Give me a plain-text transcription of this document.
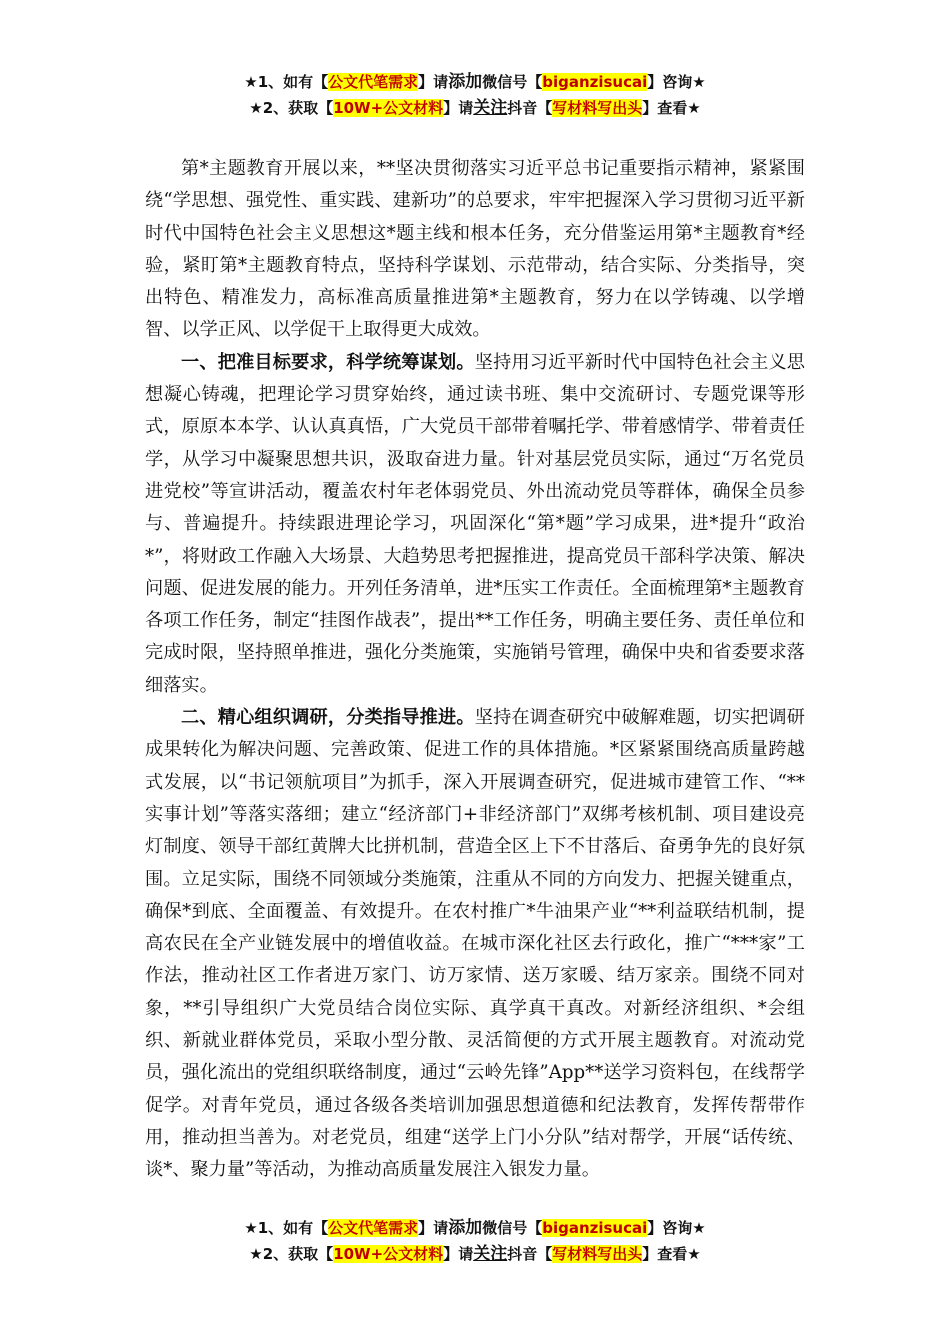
★1、如有【公文代笔需求】请添加微信号【biganzisucai】咨询★
★2、获取【10W+公文材料】请关注抖音【写材料写出头】查看★

第*主题教育开展以来，**坚决贯彻落实习近平总书记重要指示精神，紧紧围绕“学思想、强党性、重实践、建新功”的总要求，牢牢把握深入学习贯彻习近平新时代中国特色社会主义思想这*题主线和根本任务，充分借鉴运用第*主题教育*经验，紧盯第*主题教育特点，坚持科学谋划、示范带动，结合实际、分类指导，突出特色、精准发力，高标准高质量推进第*主题教育，努力在以学铸魂、以学增智、以学正风、以学促干上取得更大成效。

一、把准目标要求，科学统筹谋划。坚持用习近平新时代中国特色社会主义思想凝心铸魂，把理论学习贯穿始终，通过读书班、集中交流研讨、专题党课等形式，原原本本学、认认真真悟，广大党员干部带着嘱托学、带着感情学、带着责任学，从学习中凝聚思想共识，汲取奋进力量。针对基层党员实际，通过“万名党员进党校”等宣讲活动，覆盖农村年老体弱党员、外出流动党员等群体，确保全员参与、普遍提升。持续跟进理论学习，巩固深化“第*题”学习成果，进*提升“政治*”，将财政工作融入大场景、大趋势思考把握推进，提高党员干部科学决策、解决问题、促进发展的能力。开列任务清单，进*压实工作责任。全面梳理第*主题教育各项工作任务，制定“挂图作战表”，提出**工作任务，明确主要任务、责任单位和完成时限，坚持照单推进，强化分类施策，实施销号管理，确保中央和省委要求落细落实。

二、精心组织调研，分类指导推进。坚持在调查研究中破解难题，切实把调研成果转化为解决问题、完善政策、促进工作的具体措施。*区紧紧围绕高质量跨越式发展，以“书记领航项目”为抓手，深入开展调查研究，促进城市建管工作、“**实事计划”等落实落细；建立“经济部门+非经济部门”双绑考核机制、项目建设亮灯制度、领导干部红黄牌大比拼机制，营造全区上下不甘落后、奋勇争先的良好氛围。立足实际，围绕不同领域分类施策，注重从不同的方向发力、把握关键重点，确保*到底、全面覆盖、有效提升。在农村推广*牛油果产业“**利益联结机制，提高农民在全产业链发展中的增值收益。在城市深化社区去行政化，推广“***家”工作法，推动社区工作者进万家门、访万家情、送万家暖、结万家亲。围绕不同对象，**引导组织广大党员结合岗位实际、真学真干真改。对新经济组织、*会组织、新就业群体党员，采取小型分散、灵活简便的方式开展主题教育。对流动党员，强化流出的党组织联络制度，通过“云岭先锋”App**送学习资料包，在线帮学促学。对青年党员，通过各级各类培训加强思想道德和纪法教育，发挥传帮带作用，推动担当善为。对老党员，组建“送学上门小分队”结对帮学，开展“话传统、谈*、聚力量”等活动，为推动高质量发展注入银发力量。

★1、如有【公文代笔需求】请添加微信号【biganzisucai】咨询★
★2、获取【10W+公文材料】请关注抖音【写材料写出头】查看★
